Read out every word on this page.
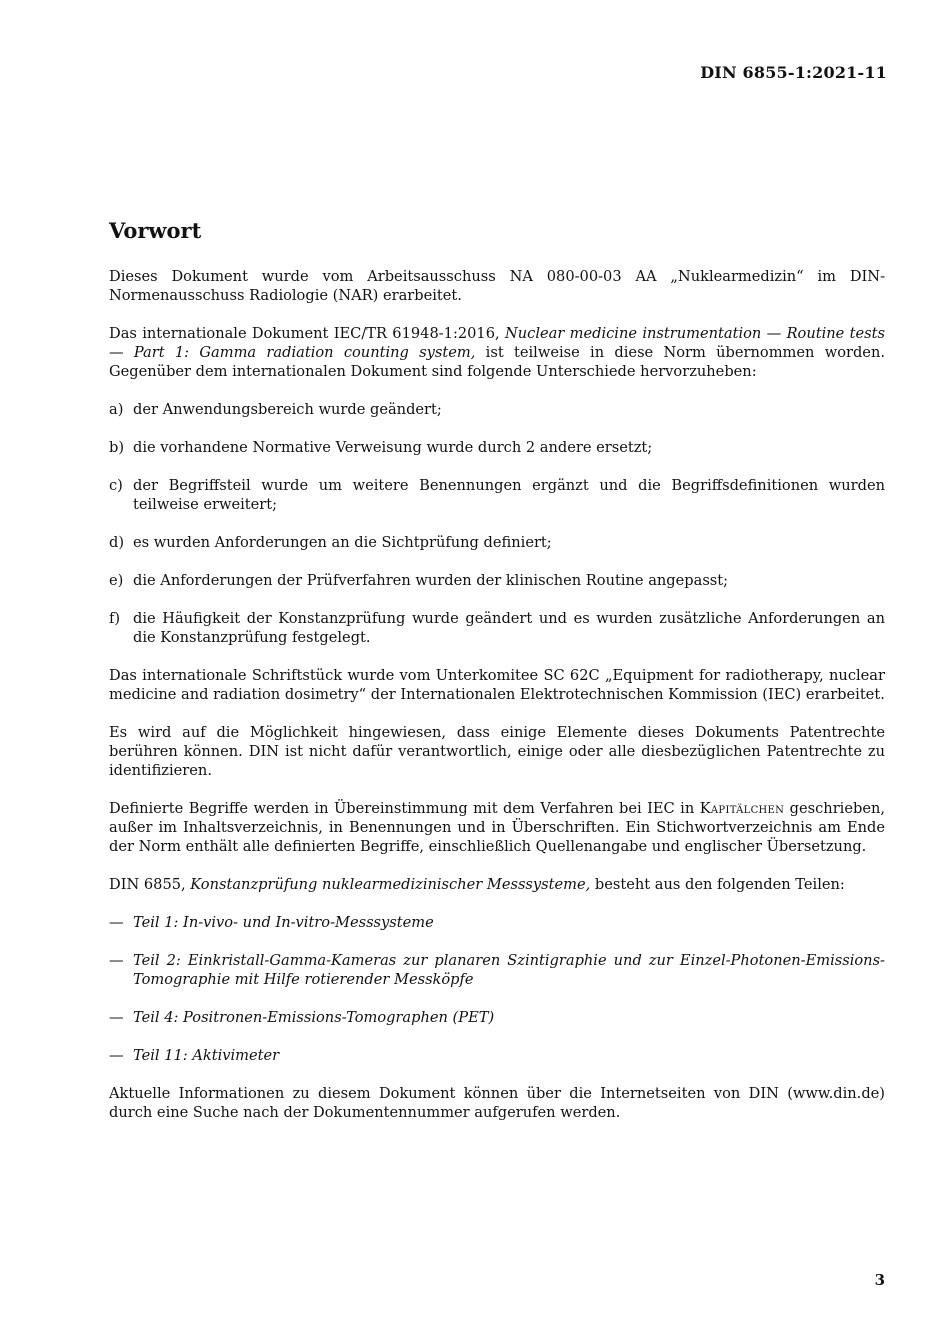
DIN 6855-1:2021-11
Vorwort

Dieses Dokument wurde vom Arbeitsausschuss NA 080-00-03 AA „Nuklearmedizin“ im DIN-Normenausschuss Radiologie (NAR) erarbeitet.

Das internationale Dokument IEC/TR 61948-1:2016, Nuclear medicine instrumentation — Routine tests — Part 1: Gamma radiation counting system, ist teilweise in diese Norm übernommen worden. Gegenüber dem internationalen Dokument sind folgende Unterschiede hervorzuheben:

a) der Anwendungsbereich wurde geändert;
b) die vorhandene Normative Verweisung wurde durch 2 andere ersetzt;
c) der Begriffsteil wurde um weitere Benennungen ergänzt und die Begriffsdefinitionen wurden teilweise erweitert;
d) es wurden Anforderungen an die Sichtprüfung definiert;
e) die Anforderungen der Prüfverfahren wurden der klinischen Routine angepasst;
f) die Häufigkeit der Konstanzprüfung wurde geändert und es wurden zusätzliche Anforderungen an die Konstanzprüfung festgelegt.

Das internationale Schriftstück wurde vom Unterkomitee SC 62C „Equipment for radiotherapy, nuclear medicine and radiation dosimetry“ der Internationalen Elektrotechnischen Kommission (IEC) erarbeitet.

Es wird auf die Möglichkeit hingewiesen, dass einige Elemente dieses Dokuments Patentrechte berühren können. DIN ist nicht dafür verantwortlich, einige oder alle diesbezüglichen Patentrechte zu identifizieren.

Definierte Begriffe werden in Übereinstimmung mit dem Verfahren bei IEC in Kapitälchen geschrieben, außer im Inhaltsverzeichnis, in Benennungen und in Überschriften. Ein Stichwortverzeichnis am Ende der Norm enthält alle definierten Begriffe, einschließlich Quellenangabe und englischer Übersetzung.

DIN 6855, Konstanzprüfung nuklearmedizinischer Messsysteme, besteht aus den folgenden Teilen:

— Teil 1: In-vivo- und In-vitro-Messsysteme
— Teil 2: Einkristall-Gamma-Kameras zur planaren Szintigraphie und zur Einzel-Photonen-Emissions-Tomographie mit Hilfe rotierender Messköpfe
— Teil 4: Positronen-Emissions-Tomographen (PET)
— Teil 11: Aktivimeter

Aktuelle Informationen zu diesem Dokument können über die Internetseiten von DIN (www.din.de) durch eine Suche nach der Dokumentennummer aufgerufen werden.

3
